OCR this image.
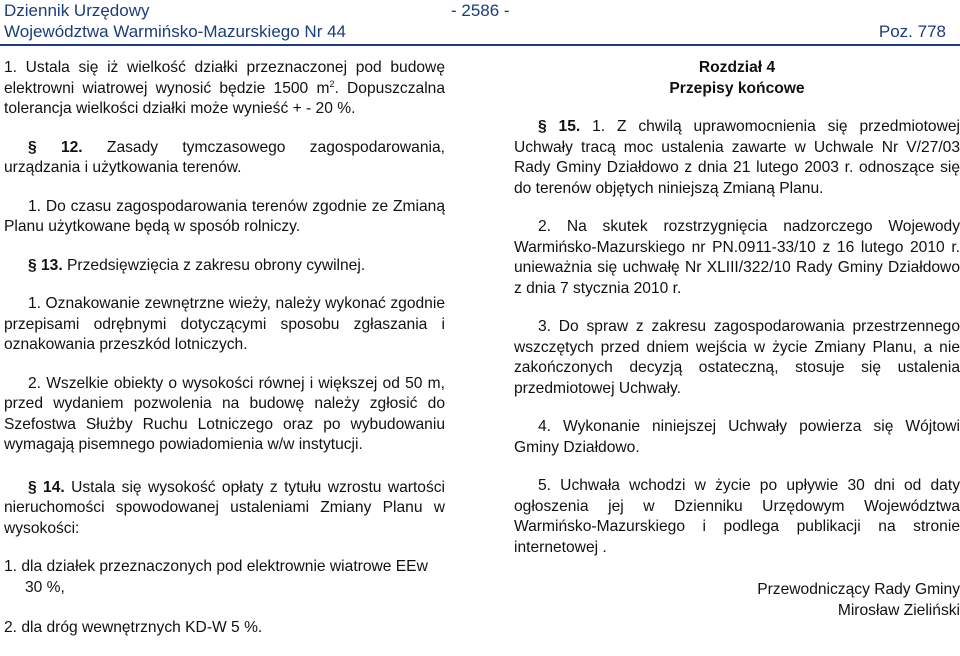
Dziennik Urzędowy
Województwa Warmińsko-Mazurskiego Nr 44
- 2586 -
Poz. 778

1. Ustala się iż wielkość działki przeznaczonej pod budowę elektrowni wiatrowej wynosić będzie 1500 $m^2$. Dopuszczalna tolerancja wielkości działki może wynieść + - 20 %.

§ 12. Zasady tymczasowego zagospodarowania, urządzania i użytkowania terenów.

1. Do czasu zagospodarowania terenów zgodnie ze Zmianą Planu użytkowane będą w sposób rolniczy.

§ 13. Przedsięwzięcia z zakresu obrony cywilnej.

1. Oznakowanie zewnętrzne wieży, należy wykonać zgodnie przepisami odrębnymi dotyczącymi sposobu zgłaszania i oznakowania przeszkód lotniczych.

2. Wszelkie obiekty o wysokości równej i większej od 50 m, przed wydaniem pozwolenia na budowę należy zgłosić do Szefostwa Służby Ruchu Lotniczego oraz po wybudowaniu wymagają pisemnego powiadomienia w/w instytucji.

§ 14. Ustala się wysokość opłaty z tytułu wzrostu wartości nieruchomości spowodowanej ustaleniami Zmiany Planu w wysokości:

1. dla działek przeznaczonych pod elektrownie wiatrowe EEw 30 %,

2. dla dróg wewnętrznych KD-W 5 %.

Rozdział 4

Przepisy końcowe

§ 15. 1. Z chwilą uprawomocnienia się przedmiotowej Uchwały tracą moc ustalenia zawarte w Uchwale Nr V/27/03 Rady Gminy Działdowo z dnia 21 lutego 2003 r. odnoszące się do terenów objętych niniejszą Zmianą Planu.

2. Na skutek rozstrzygnięcia nadzorczego Wojewody Warmińsko-Mazurskiego nr PN.0911-33/10 z 16 lutego 2010 r. unieważnia się uchwałę Nr XLIII/322/10 Rady Gminy Działdowo z dnia 7 stycznia 2010 r.

3. Do spraw z zakresu zagospodarowania przestrzennego wszczętych przed dniem wejścia w życie Zmiany Planu, a nie zakończonych decyzją ostateczną, stosuje się ustalenia przedmiotowej Uchwały.

4. Wykonanie niniejszej Uchwały powierza się Wójtowi Gminy Działdowo.

5. Uchwała wchodzi w życie po upływie 30 dni od daty ogłoszenia jej w Dzienniku Urzędowym Województwa Warmińsko-Mazurskiego i podlega publikacji na stronie internetowej .

Przewodniczący Rady Gminy

Mirosław Zieliński
